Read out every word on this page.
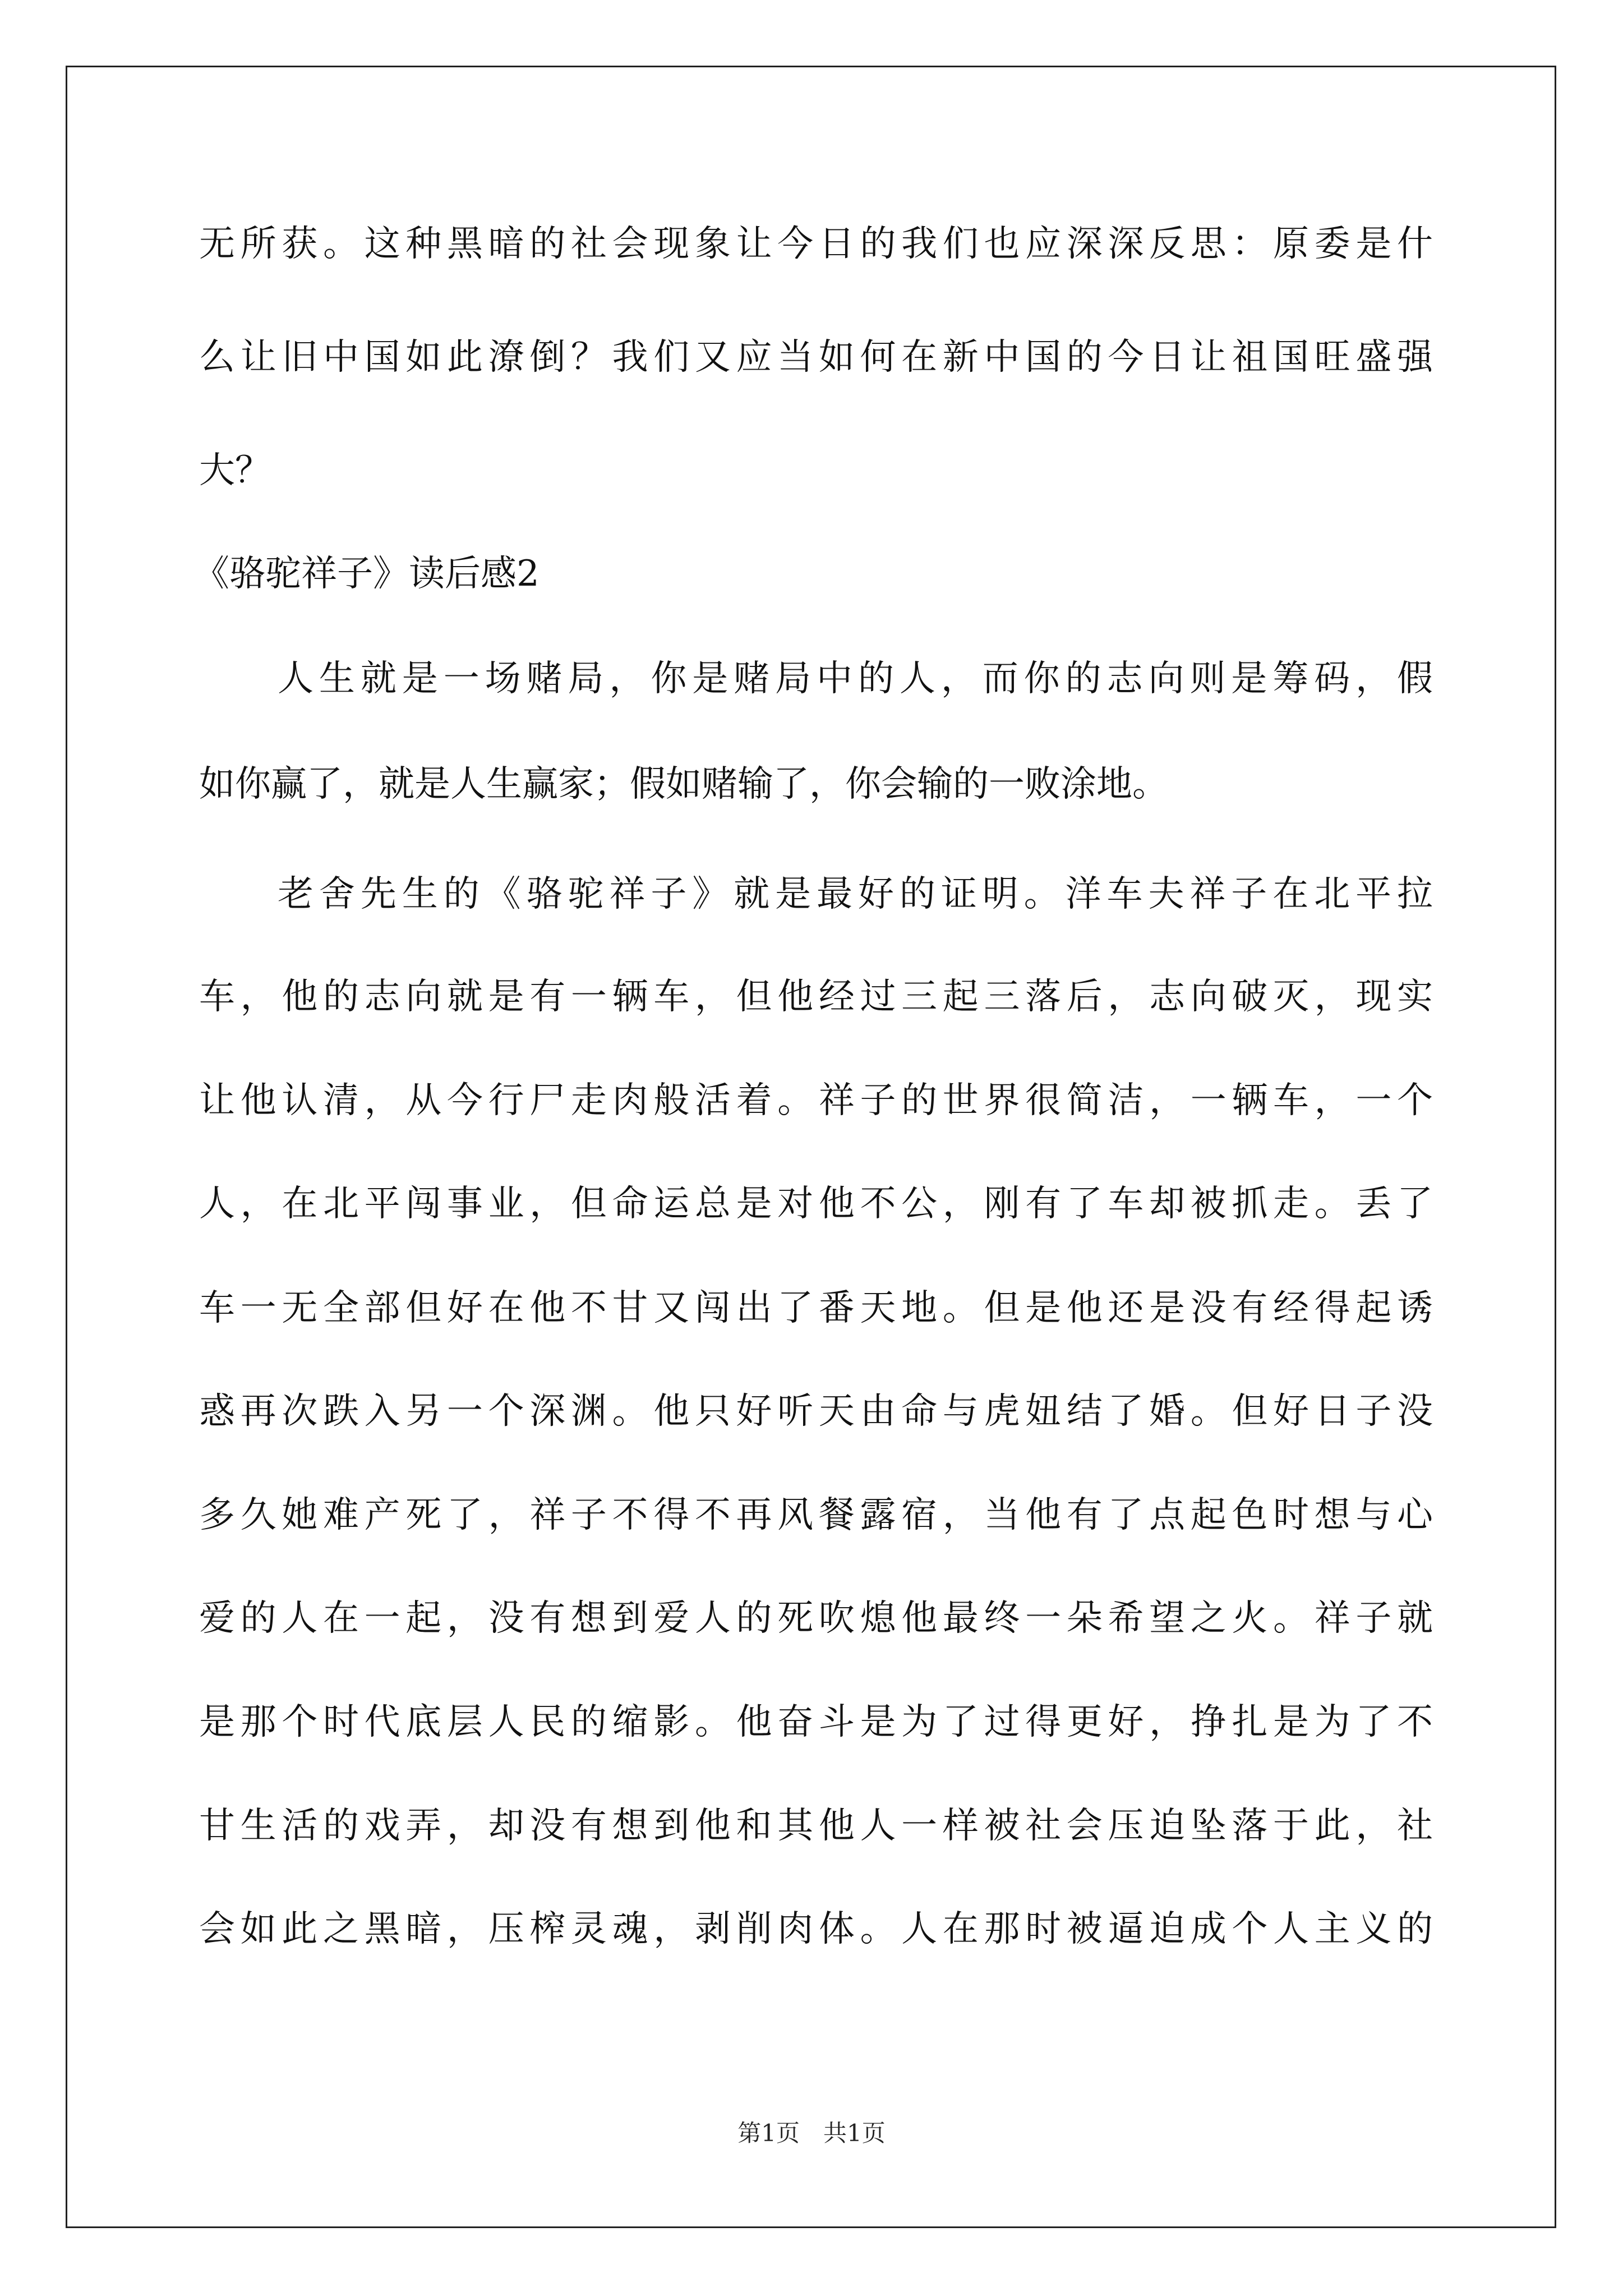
无所获。这种黑暗的社会现象让今日的我们也应深深反思：原委是什
么让旧中国如此潦倒？我们又应当如何在新中国的今日让祖国旺盛强
大？
《骆驼祥子》读后感2
人生就是一场赌局，你是赌局中的人，而你的志向则是筹码，假
如你赢了，就是人生赢家；假如赌输了，你会输的一败涂地。
老舍先生的《骆驼祥子》就是最好的证明。洋车夫祥子在北平拉
车，他的志向就是有一辆车，但他经过三起三落后，志向破灭，现实
让他认清，从今行尸走肉般活着。祥子的世界很简洁，一辆车，一个
人，在北平闯事业，但命运总是对他不公，刚有了车却被抓走。丢了
车一无全部但好在他不甘又闯出了番天地。但是他还是没有经得起诱
惑再次跌入另一个深渊。他只好听天由命与虎妞结了婚。但好日子没
多久她难产死了，祥子不得不再风餐露宿，当他有了点起色时想与心
爱的人在一起，没有想到爱人的死吹熄他最终一朵希望之火。祥子就
是那个时代底层人民的缩影。他奋斗是为了过得更好，挣扎是为了不
甘生活的戏弄，却没有想到他和其他人一样被社会压迫坠落于此，社
会如此之黑暗，压榨灵魂，剥削肉体。人在那时被逼迫成个人主义的
第1页　共1页
